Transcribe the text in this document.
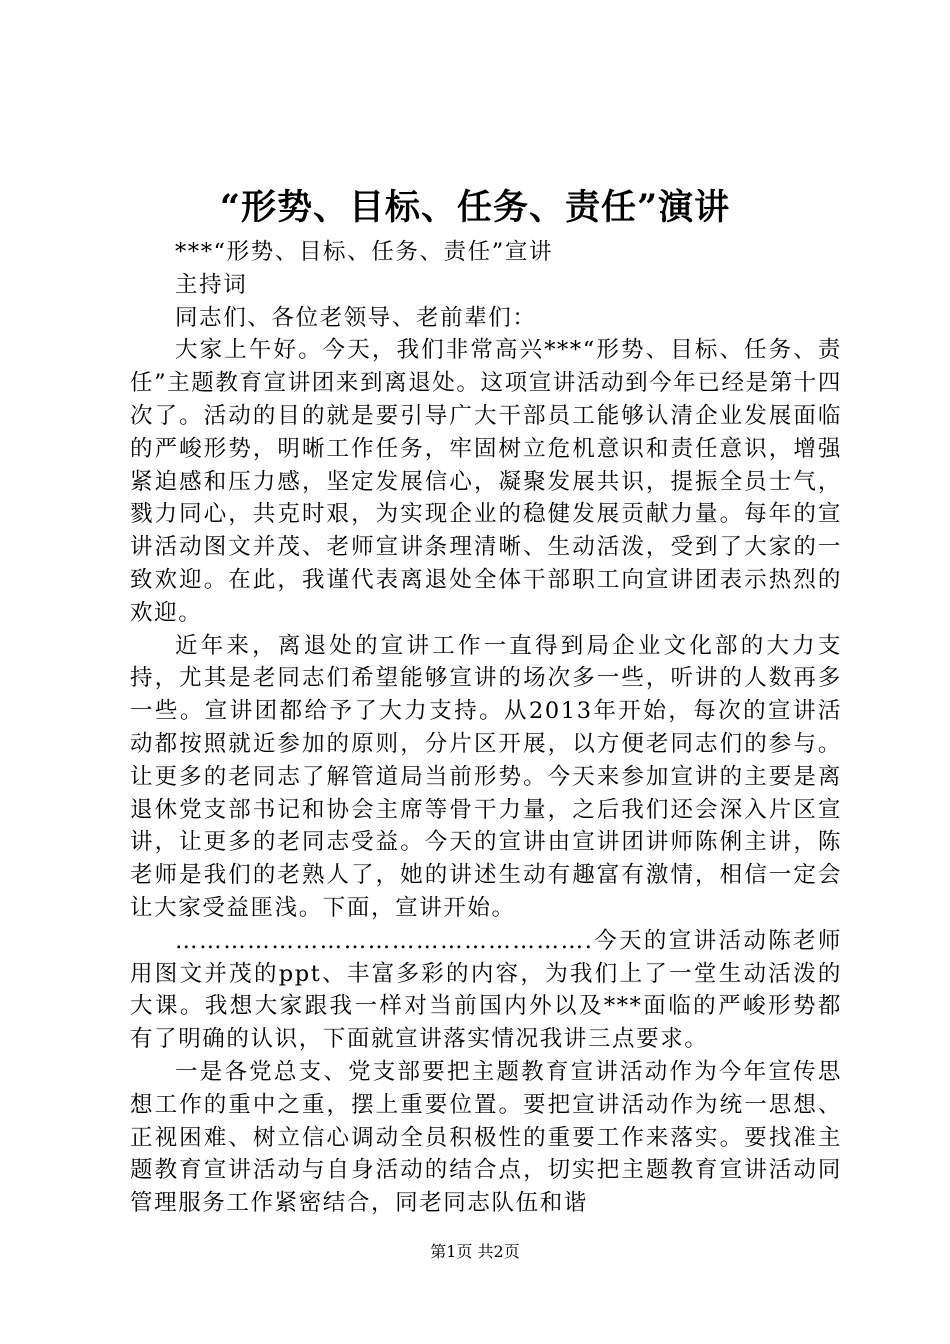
“形势、目标、任务、责任”演讲

***“形势、目标、任务、责任”宣讲

主持词

同志们、各位老领导、老前辈们：

大家上午好。今天，我们非常高兴***“形势、目标、任务、责任”主题教育宣讲团来到离退处。这项宣讲活动到今年已经是第十四次了。活动的目的就是要引导广大干部员工能够认清企业发展面临的严峻形势，明晰工作任务，牢固树立危机意识和责任意识，增强紧迫感和压力感，坚定发展信心，凝聚发展共识，提振全员士气，戮力同心，共克时艰，为实现企业的稳健发展贡献力量。每年的宣讲活动图文并茂、老师宣讲条理清晰、生动活泼，受到了大家的一致欢迎。在此，我谨代表离退处全体干部职工向宣讲团表示热烈的欢迎。

近年来，离退处的宣讲工作一直得到局企业文化部的大力支持，尤其是老同志们希望能够宣讲的场次多一些，听讲的人数再多一些。宣讲团都给予了大力支持。从2013年开始，每次的宣讲活动都按照就近参加的原则，分片区开展，以方便老同志们的参与。让更多的老同志了解管道局当前形势。今天来参加宣讲的主要是离退休党支部书记和协会主席等骨干力量，之后我们还会深入片区宣讲，让更多的老同志受益。今天的宣讲由宣讲团讲师陈俐主讲，陈老师是我们的老熟人了，她的讲述生动有趣富有激情，相信一定会让大家受益匪浅。下面，宣讲开始。

…………………………………………….今天的宣讲活动陈老师用图文并茂的ppt、丰富多彩的内容，为我们上了一堂生动活泼的大课。我想大家跟我一样对当前国内外以及***面临的严峻形势都有了明确的认识，下面就宣讲落实情况我讲三点要求。

一是各党总支、党支部要把主题教育宣讲活动作为今年宣传思想工作的重中之重，摆上重要位置。要把宣讲活动作为统一思想、正视困难、树立信心调动全员积极性的重要工作来落实。要找准主题教育宣讲活动与自身活动的结合点，切实把主题教育宣讲活动同管理服务工作紧密结合，同老同志队伍和谐

第1页 共2页
